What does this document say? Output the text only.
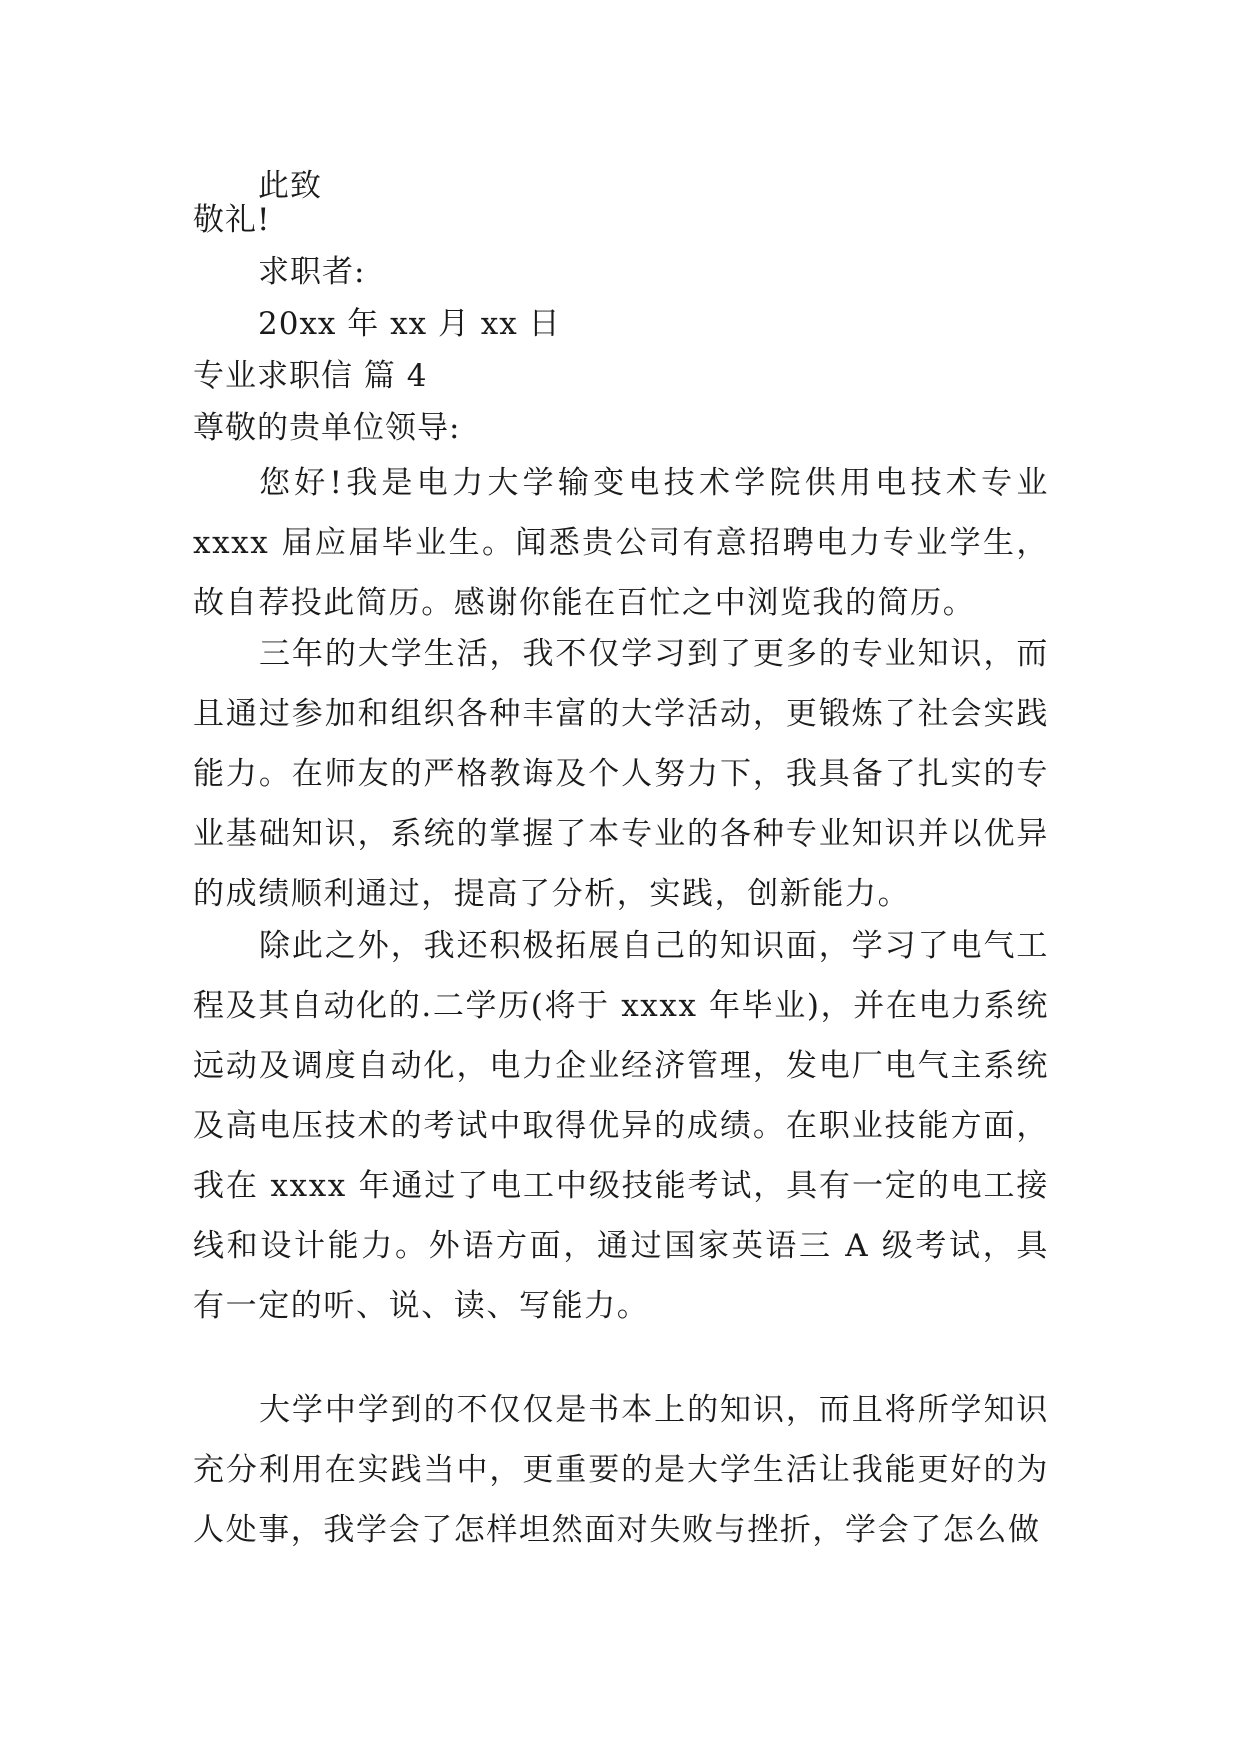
此致
敬礼!
求职者:
20xx 年 xx 月 xx 日
专业求职信 篇 4
尊敬的贵单位领导:

您好!我是电力大学输变电技术学院供用电技术专业 xxxx 届应届毕业生。闻悉贵公司有意招聘电力专业学生，故自荐投此简历。感谢你能在百忙之中浏览我的简历。

三年的大学生活，我不仅学习到了更多的专业知识，而且通过参加和组织各种丰富的大学活动，更锻炼了社会实践能力。在师友的严格教诲及个人努力下，我具备了扎实的专业基础知识，系统的掌握了本专业的各种专业知识并以优异的成绩顺利通过，提高了分析，实践，创新能力。

除此之外，我还积极拓展自己的知识面，学习了电气工程及其自动化的.二学历(将于 xxxx 年毕业)，并在电力系统远动及调度自动化，电力企业经济管理，发电厂电气主系统及高电压技术的考试中取得优异的成绩。在职业技能方面，我在 xxxx 年通过了电工中级技能考试，具有一定的电工接线和设计能力。外语方面，通过国家英语三 A 级考试，具有一定的听、说、读、写能力。

大学中学到的不仅仅是书本上的知识，而且将所学知识充分利用在实践当中，更重要的是大学生活让我能更好的为人处事，我学会了怎样坦然面对失败与挫折，学会了怎么做
